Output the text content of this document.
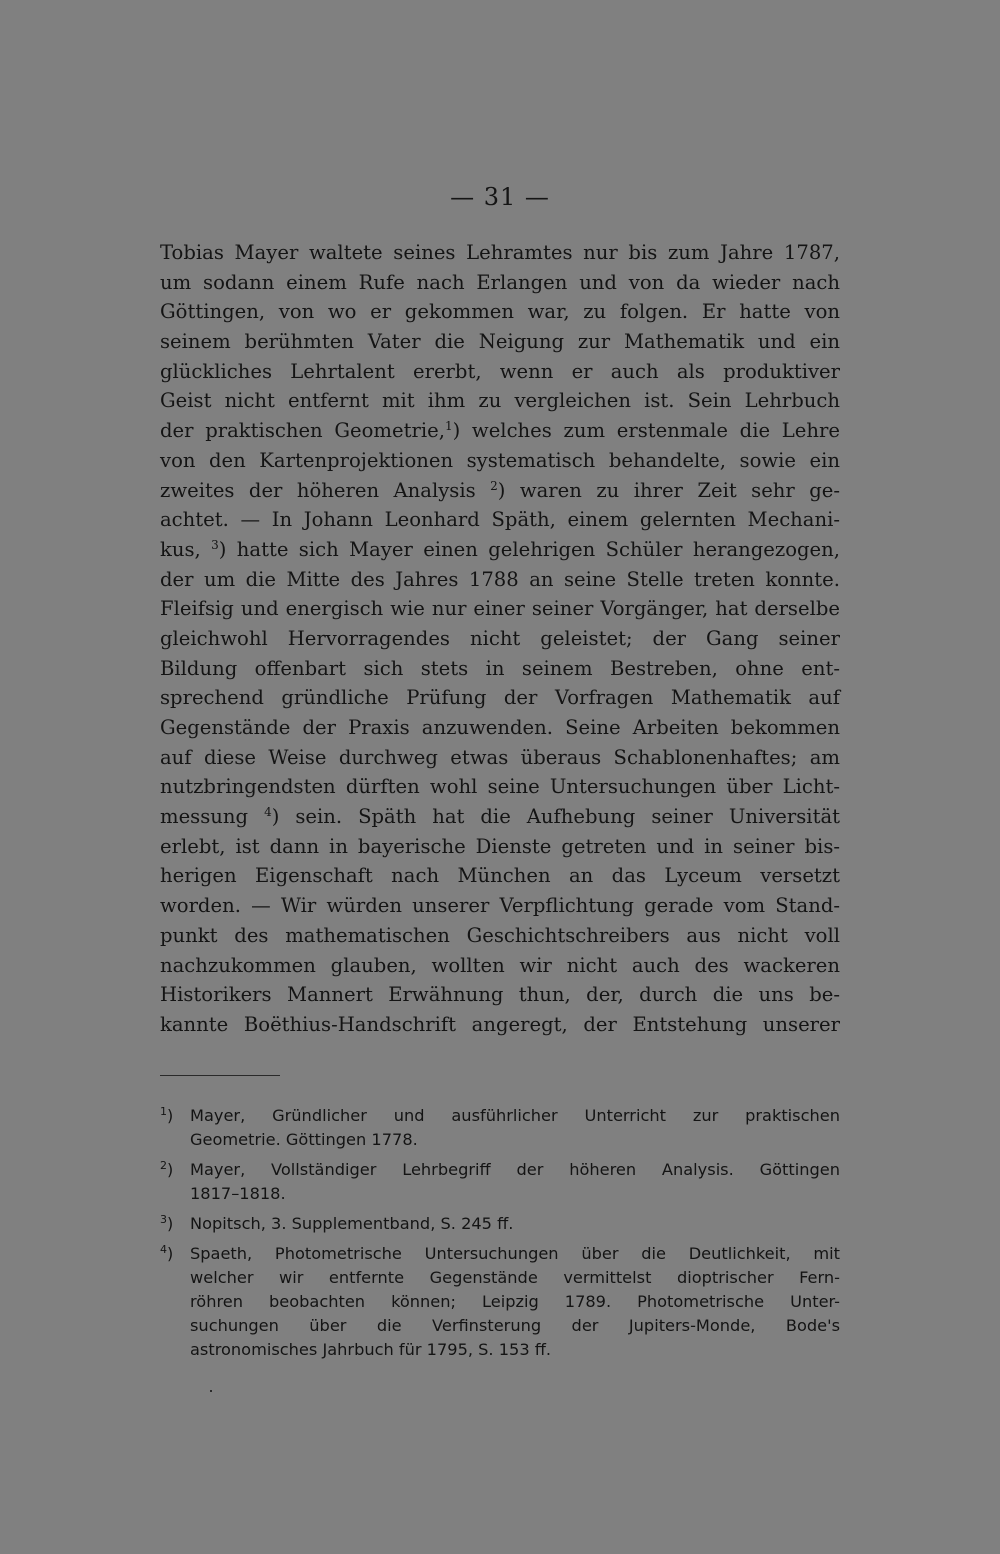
— 31 —
Tobias Mayer waltete seines Lehramtes nur bis zum Jahre 1787,
um sodann einem Rufe nach Erlangen und von da wieder nach
Göttingen, von wo er gekommen war, zu folgen. Er hatte von
seinem berühmten Vater die Neigung zur Mathematik und ein
glückliches Lehrtalent ererbt, wenn er auch als produktiver
Geist nicht entfernt mit ihm zu vergleichen ist. Sein Lehrbuch
der praktischen Geometrie,$^1$) welches zum erstenmale die Lehre
von den Kartenprojektionen systematisch behandelte, sowie ein
zweites der höheren Analysis $^2$) waren zu ihrer Zeit sehr ge-
achtet. — In Johann Leonhard Späth, einem gelernten Mechani-
kus, $^3$) hatte sich Mayer einen gelehrigen Schüler herangezogen,
der um die Mitte des Jahres 1788 an seine Stelle treten konnte.
Fleifsig und energisch wie nur einer seiner Vorgänger, hat derselbe
gleichwohl Hervorragendes nicht geleistet; der Gang seiner
Bildung offenbart sich stets in seinem Bestreben, ohne ent-
sprechend gründliche Prüfung der Vorfragen Mathematik auf
Gegenstände der Praxis anzuwenden. Seine Arbeiten bekommen
auf diese Weise durchweg etwas überaus Schablonenhaftes; am
nutzbringendsten dürften wohl seine Untersuchungen über Licht-
messung $^4$) sein. Späth hat die Aufhebung seiner Universität
erlebt, ist dann in bayerische Dienste getreten und in seiner bis-
herigen Eigenschaft nach München an das Lyceum versetzt
worden. — Wir würden unserer Verpflichtung gerade vom Stand-
punkt des mathematischen Geschichtschreibers aus nicht voll
nachzukommen glauben, wollten wir nicht auch des wackeren
Historikers Mannert Erwähnung thun, der, durch die uns be-
kannte Boëthius-Handschrift angeregt, der Entstehung unserer
$^1$) Mayer, Gründlicher und ausführlicher Unterricht zur praktischen
Geometrie. Göttingen 1778.
$^2$) Mayer, Vollständiger Lehrbegriff der höheren Analysis. Göttingen
1817–1818.
$^3$) Nopitsch, 3. Supplementband, S. 245 ff.
$^4$) Spaeth, Photometrische Untersuchungen über die Deutlichkeit, mit
welcher wir entfernte Gegenstände vermittelst dioptrischer Fern-
röhren beobachten können; Leipzig 1789. Photometrische Unter-
suchungen über die Verfinsterung der Jupiters-Monde, Bode's
astronomisches Jahrbuch für 1795, S. 153 ff.
